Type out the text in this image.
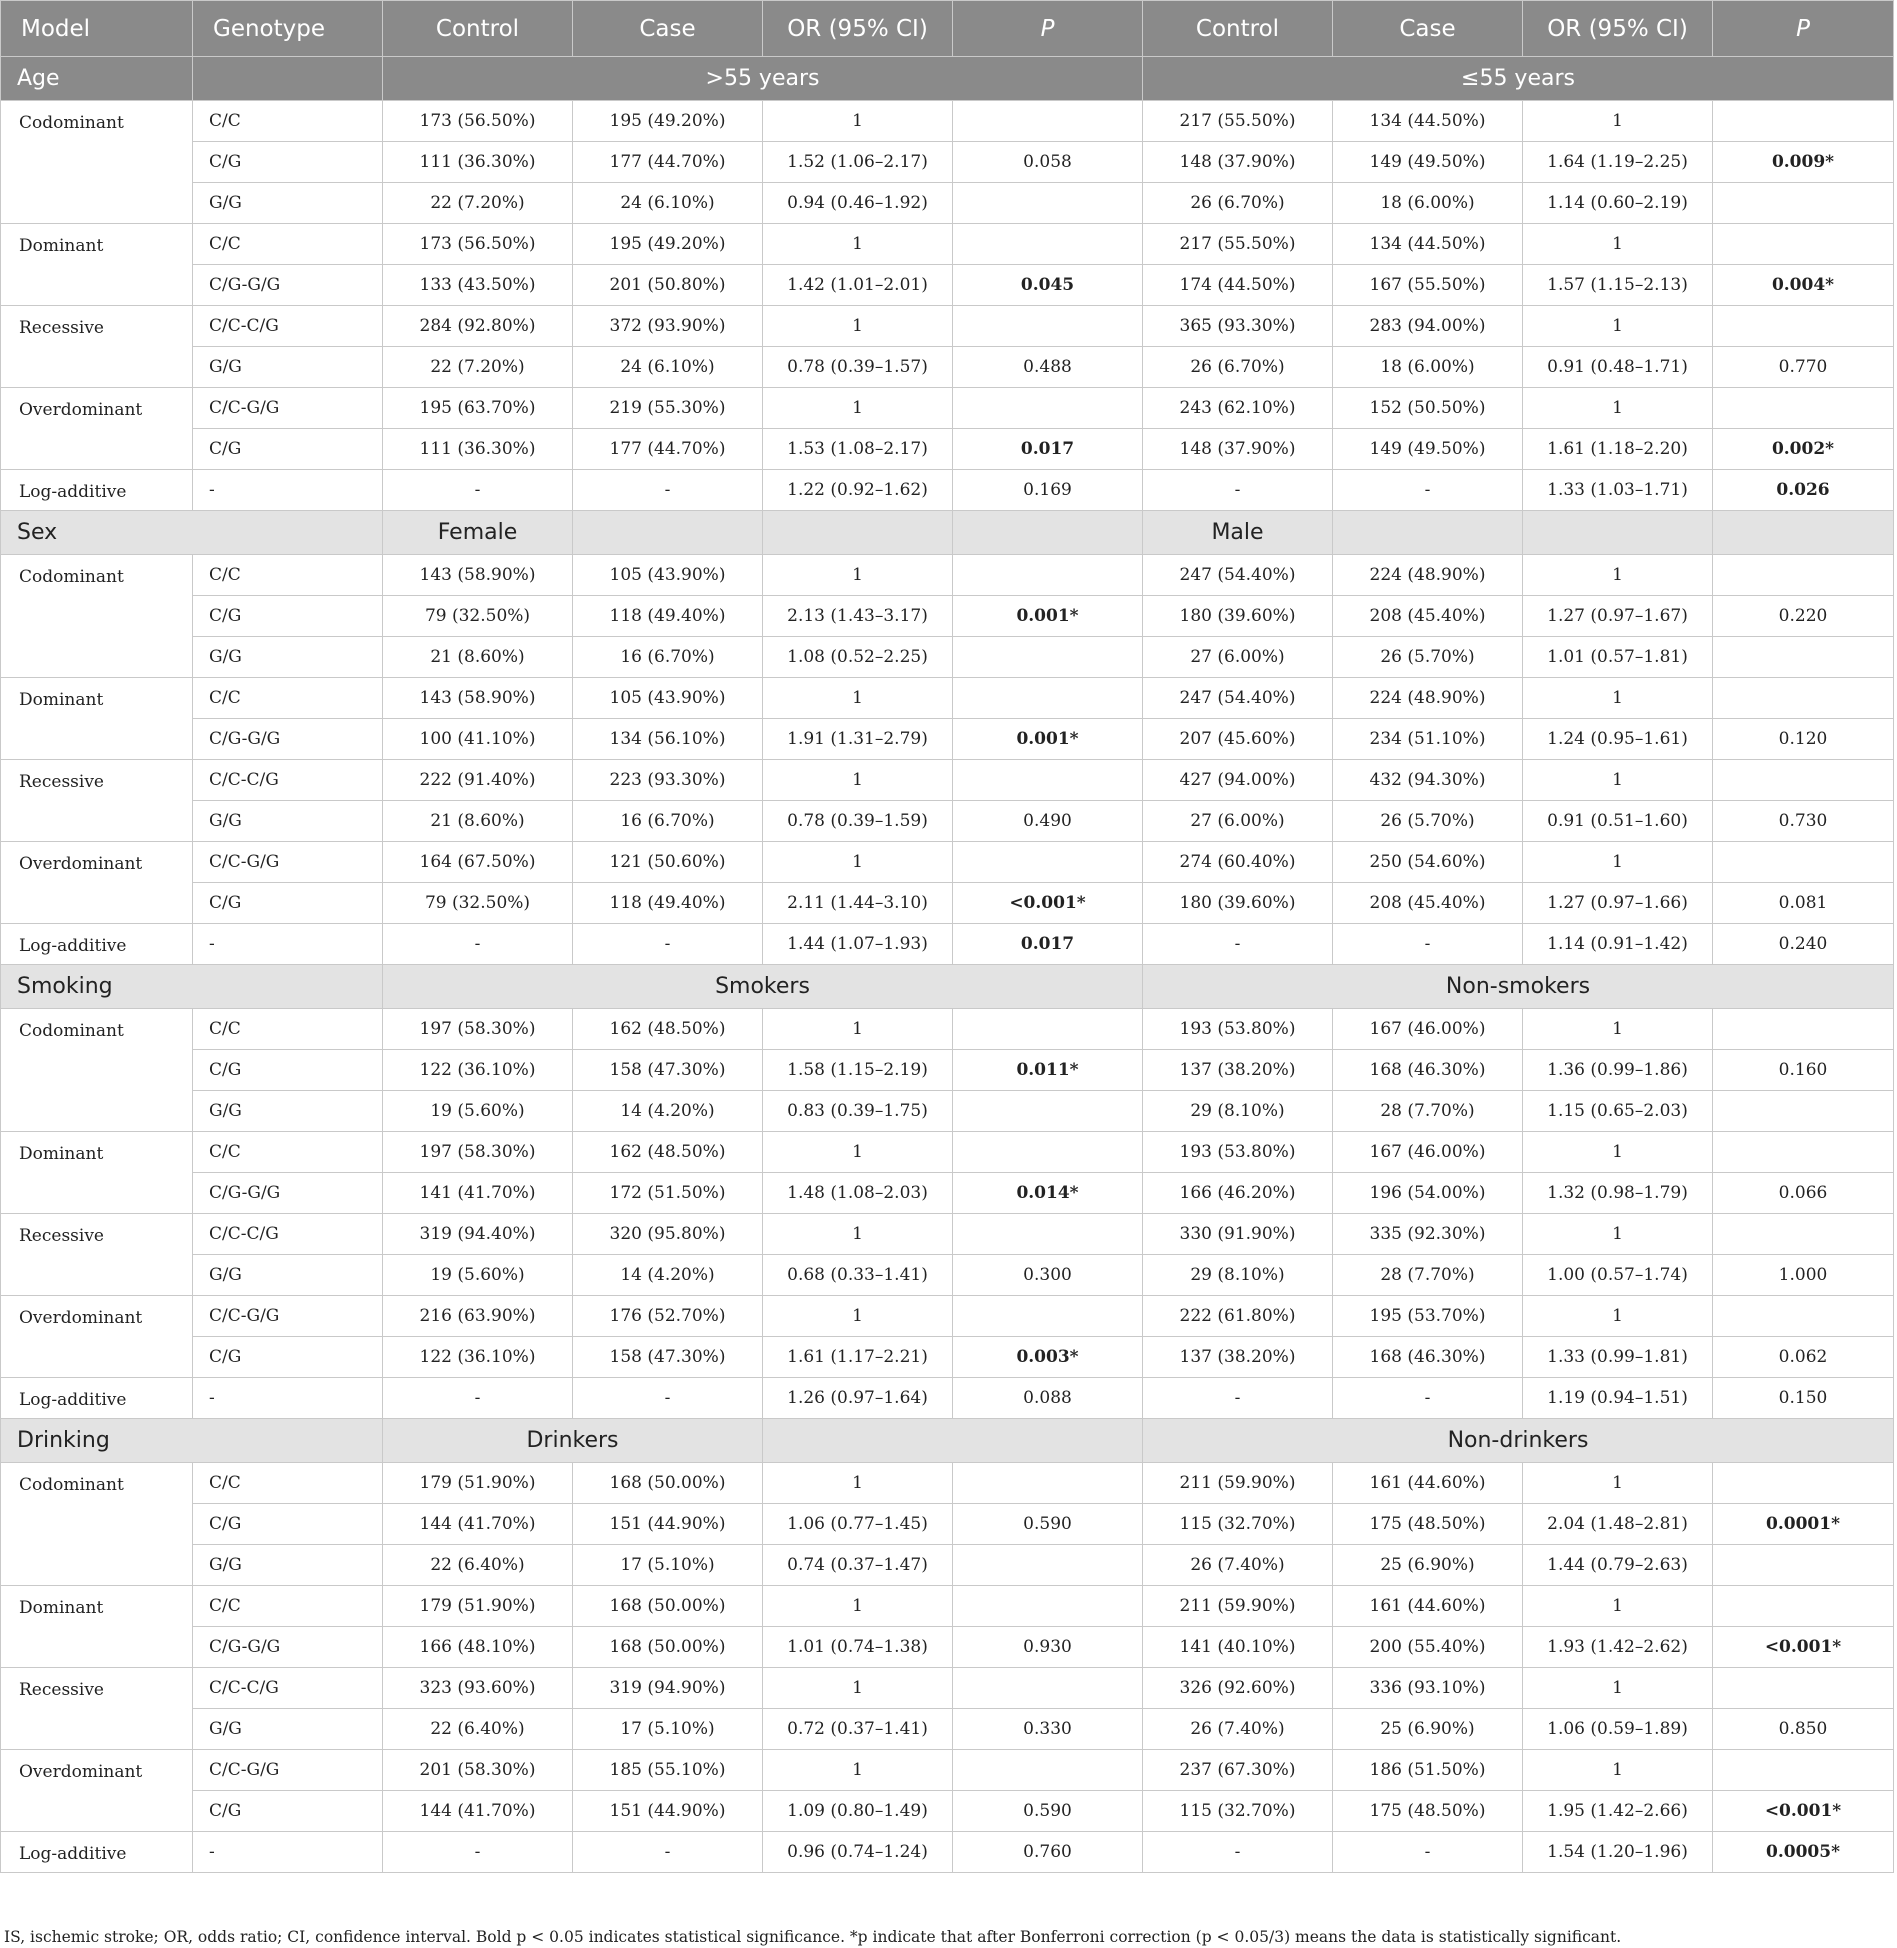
Model	Genotype	Control	Case	OR (95% CI)	P	Control	Case	OR (95% CI)	P
Age		>55 years				≤55 years			
Codominant	C/C	173 (56.50%)	195 (49.20%)	1		217 (55.50%)	134 (44.50%)	1	
	C/G	111 (36.30%)	177 (44.70%)	1.52 (1.06–2.17)	0.058	148 (37.90%)	149 (49.50%)	1.64 (1.19–2.25)	0.009*
	G/G	22 (7.20%)	24 (6.10%)	0.94 (0.46–1.92)		26 (6.70%)	18 (6.00%)	1.14 (0.60–2.19)	
Dominant	C/C	173 (56.50%)	195 (49.20%)	1		217 (55.50%)	134 (44.50%)	1	
	C/G-G/G	133 (43.50%)	201 (50.80%)	1.42 (1.01–2.01)	0.045	174 (44.50%)	167 (55.50%)	1.57 (1.15–2.13)	0.004*
Recessive	C/C-C/G	284 (92.80%)	372 (93.90%)	1		365 (93.30%)	283 (94.00%)	1	
	G/G	22 (7.20%)	24 (6.10%)	0.78 (0.39–1.57)	0.488	26 (6.70%)	18 (6.00%)	0.91 (0.48–1.71)	0.770
Overdominant	C/C-G/G	195 (63.70%)	219 (55.30%)	1		243 (62.10%)	152 (50.50%)	1	
	C/G	111 (36.30%)	177 (44.70%)	1.53 (1.08–2.17)	0.017	148 (37.90%)	149 (49.50%)	1.61 (1.18–2.20)	0.002*
Log-additive	-	-	-	1.22 (0.92–1.62)	0.169	-	-	1.33 (1.03–1.71)	0.026
Sex		Female				Male			
Codominant	C/C	143 (58.90%)	105 (43.90%)	1		247 (54.40%)	224 (48.90%)	1	
	C/G	79 (32.50%)	118 (49.40%)	2.13 (1.43–3.17)	0.001*	180 (39.60%)	208 (45.40%)	1.27 (0.97–1.67)	0.220
	G/G	21 (8.60%)	16 (6.70%)	1.08 (0.52–2.25)		27 (6.00%)	26 (5.70%)	1.01 (0.57–1.81)	
Dominant	C/C	143 (58.90%)	105 (43.90%)	1		247 (54.40%)	224 (48.90%)	1	
	C/G-G/G	100 (41.10%)	134 (56.10%)	1.91 (1.31–2.79)	0.001*	207 (45.60%)	234 (51.10%)	1.24 (0.95–1.61)	0.120
Recessive	C/C-C/G	222 (91.40%)	223 (93.30%)	1		427 (94.00%)	432 (94.30%)	1	
	G/G	21 (8.60%)	16 (6.70%)	0.78 (0.39–1.59)	0.490	27 (6.00%)	26 (5.70%)	0.91 (0.51–1.60)	0.730
Overdominant	C/C-G/G	164 (67.50%)	121 (50.60%)	1		274 (60.40%)	250 (54.60%)	1	
	C/G	79 (32.50%)	118 (49.40%)	2.11 (1.44–3.10)	<0.001*	180 (39.60%)	208 (45.40%)	1.27 (0.97–1.66)	0.081
Log-additive	-	-	-	1.44 (1.07–1.93)	0.017	-	-	1.14 (0.91–1.42)	0.240
Smoking		Smokers				Non-smokers			
Codominant	C/C	197 (58.30%)	162 (48.50%)	1		193 (53.80%)	167 (46.00%)	1	
	C/G	122 (36.10%)	158 (47.30%)	1.58 (1.15–2.19)	0.011*	137 (38.20%)	168 (46.30%)	1.36 (0.99–1.86)	0.160
	G/G	19 (5.60%)	14 (4.20%)	0.83 (0.39–1.75)		29 (8.10%)	28 (7.70%)	1.15 (0.65–2.03)	
Dominant	C/C	197 (58.30%)	162 (48.50%)	1		193 (53.80%)	167 (46.00%)	1	
	C/G-G/G	141 (41.70%)	172 (51.50%)	1.48 (1.08–2.03)	0.014*	166 (46.20%)	196 (54.00%)	1.32 (0.98–1.79)	0.066
Recessive	C/C-C/G	319 (94.40%)	320 (95.80%)	1		330 (91.90%)	335 (92.30%)	1	
	G/G	19 (5.60%)	14 (4.20%)	0.68 (0.33–1.41)	0.300	29 (8.10%)	28 (7.70%)	1.00 (0.57–1.74)	1.000
Overdominant	C/C-G/G	216 (63.90%)	176 (52.70%)	1		222 (61.80%)	195 (53.70%)	1	
	C/G	122 (36.10%)	158 (47.30%)	1.61 (1.17–2.21)	0.003*	137 (38.20%)	168 (46.30%)	1.33 (0.99–1.81)	0.062
Log-additive	-	-	-	1.26 (0.97–1.64)	0.088	-	-	1.19 (0.94–1.51)	0.150
Drinking		Drinkers				Non-drinkers			
Codominant	C/C	179 (51.90%)	168 (50.00%)	1		211 (59.90%)	161 (44.60%)	1	
	C/G	144 (41.70%)	151 (44.90%)	1.06 (0.77–1.45)	0.590	115 (32.70%)	175 (48.50%)	2.04 (1.48–2.81)	0.0001*
	G/G	22 (6.40%)	17 (5.10%)	0.74 (0.37–1.47)		26 (7.40%)	25 (6.90%)	1.44 (0.79–2.63)	
Dominant	C/C	179 (51.90%)	168 (50.00%)	1		211 (59.90%)	161 (44.60%)	1	
	C/G-G/G	166 (48.10%)	168 (50.00%)	1.01 (0.74–1.38)	0.930	141 (40.10%)	200 (55.40%)	1.93 (1.42–2.62)	<0.001*
Recessive	C/C-C/G	323 (93.60%)	319 (94.90%)	1		326 (92.60%)	336 (93.10%)	1	
	G/G	22 (6.40%)	17 (5.10%)	0.72 (0.37–1.41)	0.330	26 (7.40%)	25 (6.90%)	1.06 (0.59–1.89)	0.850
Overdominant	C/C-G/G	201 (58.30%)	185 (55.10%)	1		237 (67.30%)	186 (51.50%)	1	
	C/G	144 (41.70%)	151 (44.90%)	1.09 (0.80–1.49)	0.590	115 (32.70%)	175 (48.50%)	1.95 (1.42–2.66)	<0.001*
Log-additive	-	-	-	0.96 (0.74–1.24)	0.760	-	-	1.54 (1.20–1.96)	0.0005*
IS, ischemic stroke; OR, odds ratio; CI, confidence interval. Bold p < 0.05 indicates statistical significance. *p indicate that after Bonferroni correction (p < 0.05/3) means the data is statistically significant.
